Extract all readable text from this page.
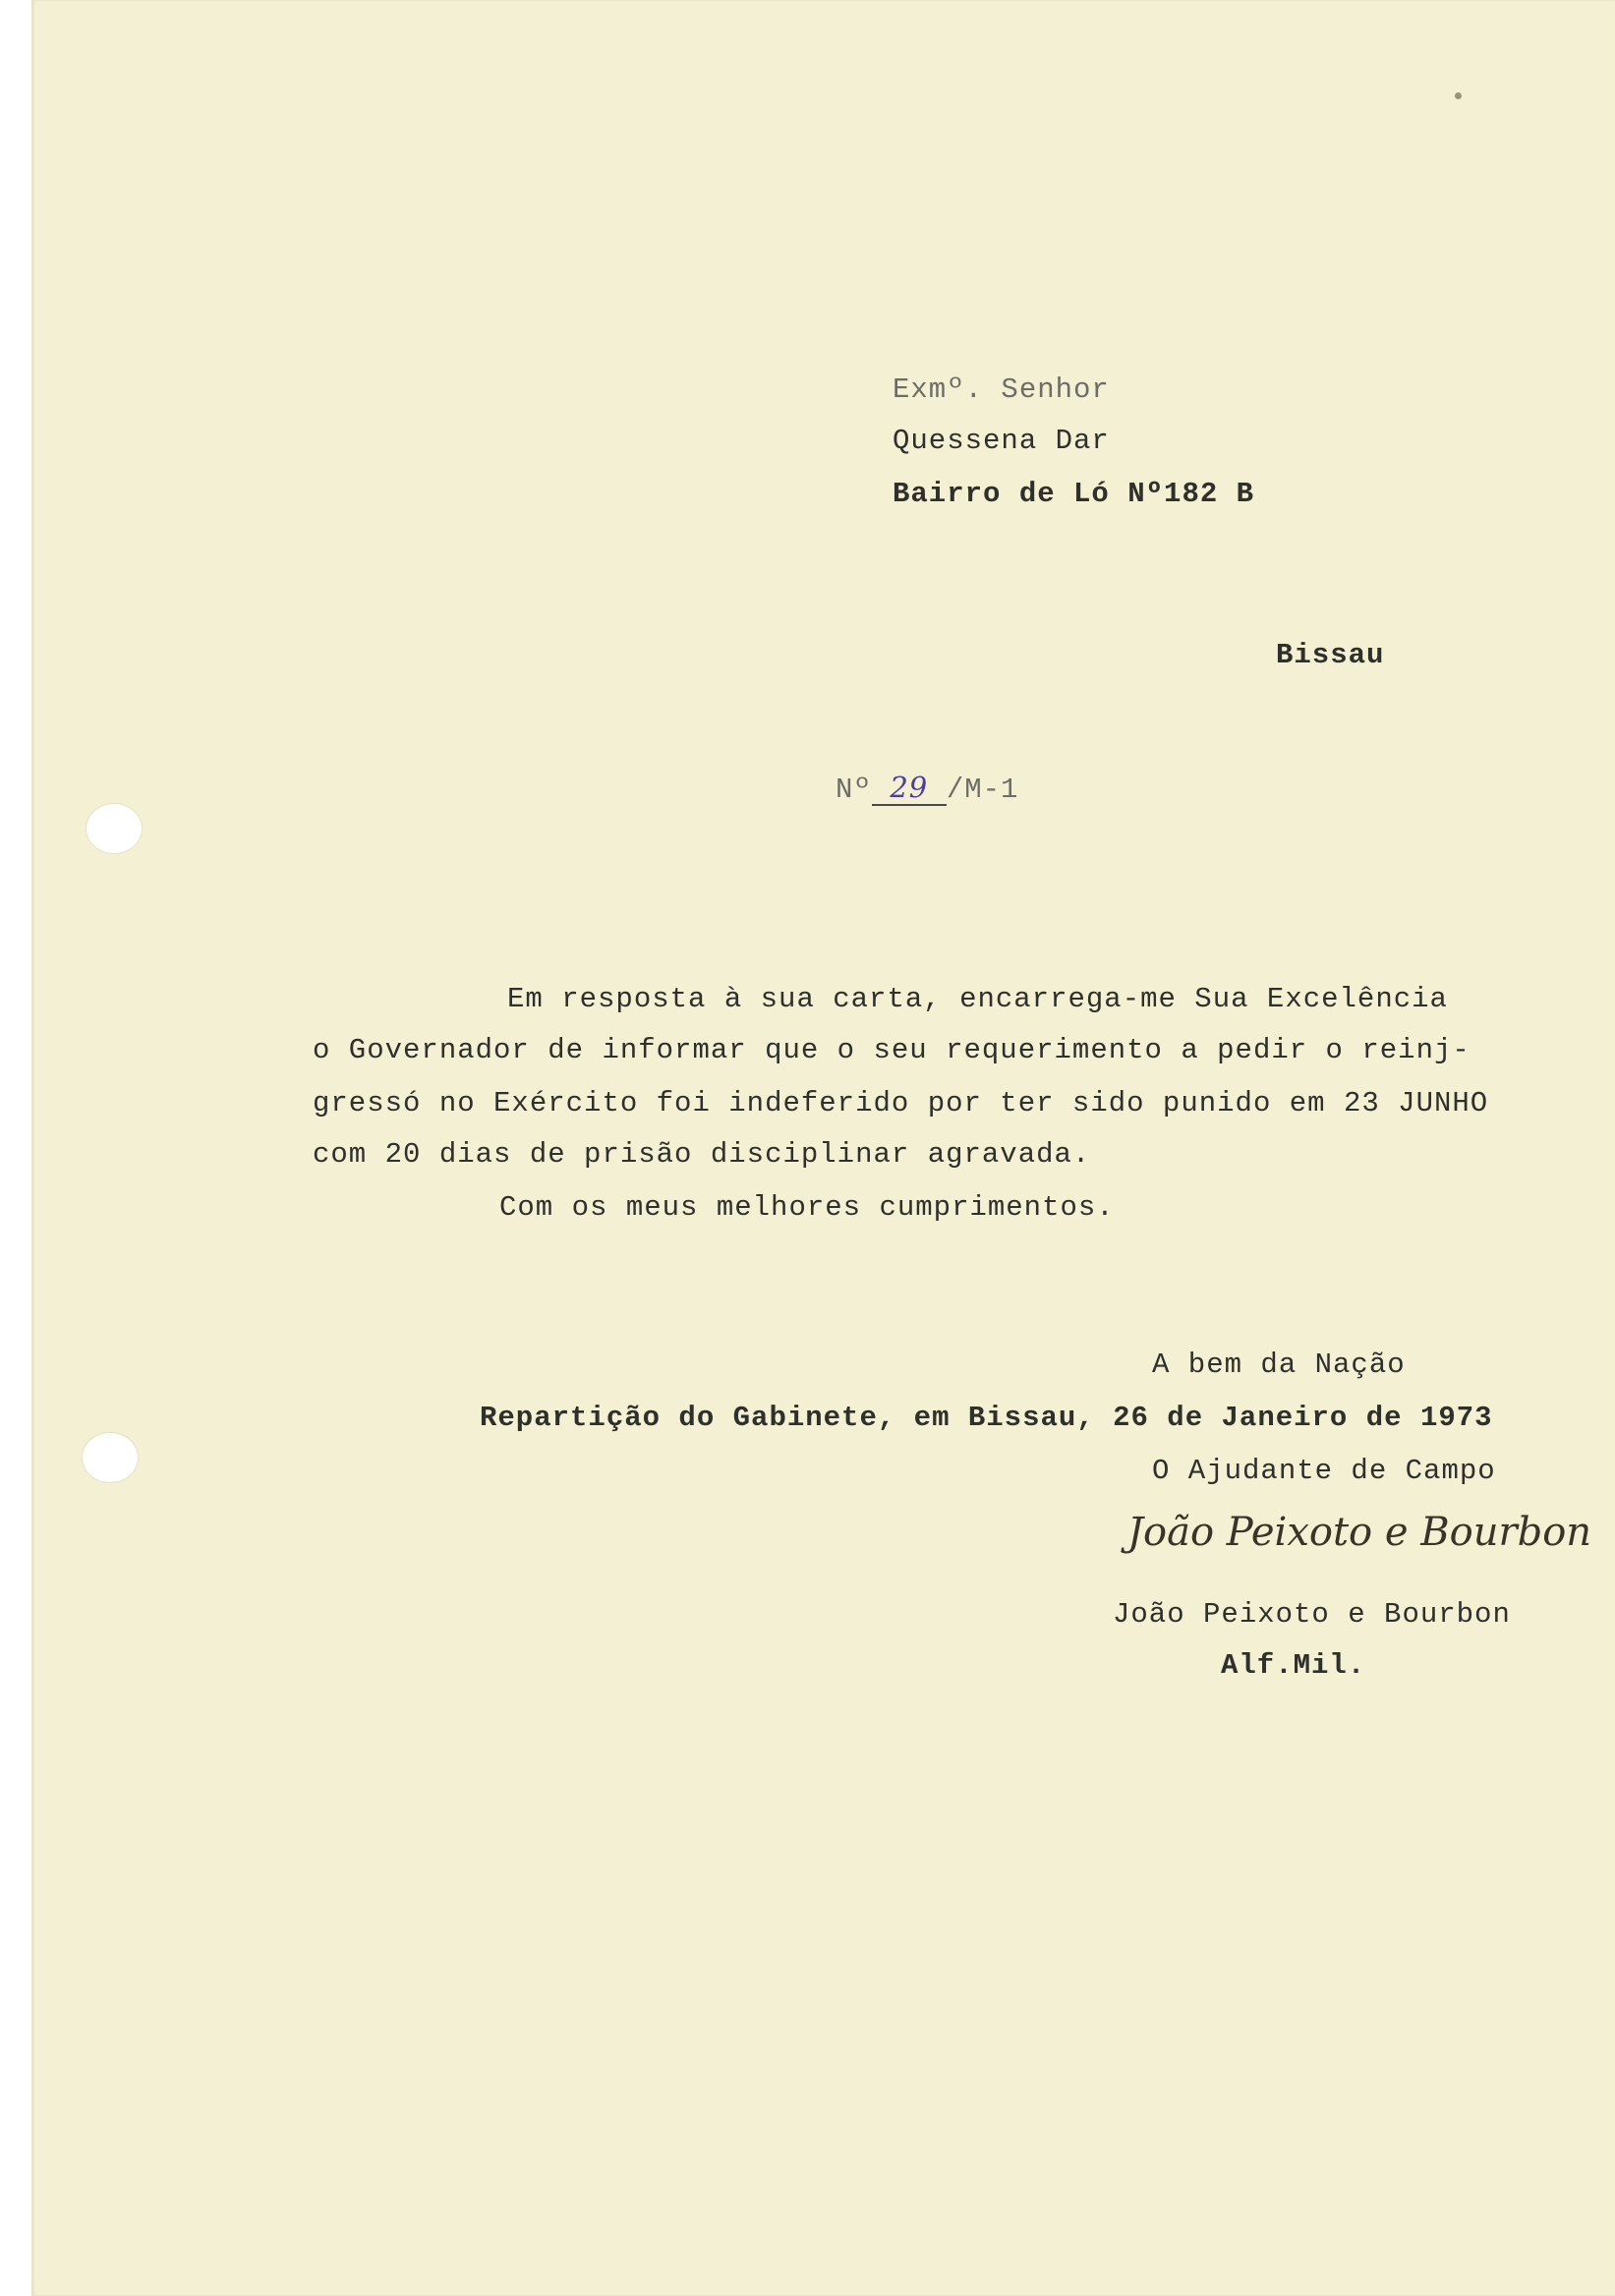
Exmº. Senhor
Quessena Dar
Bairro de Ló Nº182 B
Bissau
Nº 29 /M-1
Em resposta à sua carta, encarrega-me Sua Excelência
o Governador de informar que o seu requerimento a pedir o reinj-
gressó no Exército foi indeferido por ter sido punido em 23 JUNHO
com 20 dias de prisão disciplinar agravada.
Com os meus melhores cumprimentos.
A bem da Nação
Repartição do Gabinete, em Bissau, 26 de Janeiro de 1973
O Ajudante de Campo
João Peixoto e Bourbon
João Peixoto e Bourbon
Alf.Mil.
